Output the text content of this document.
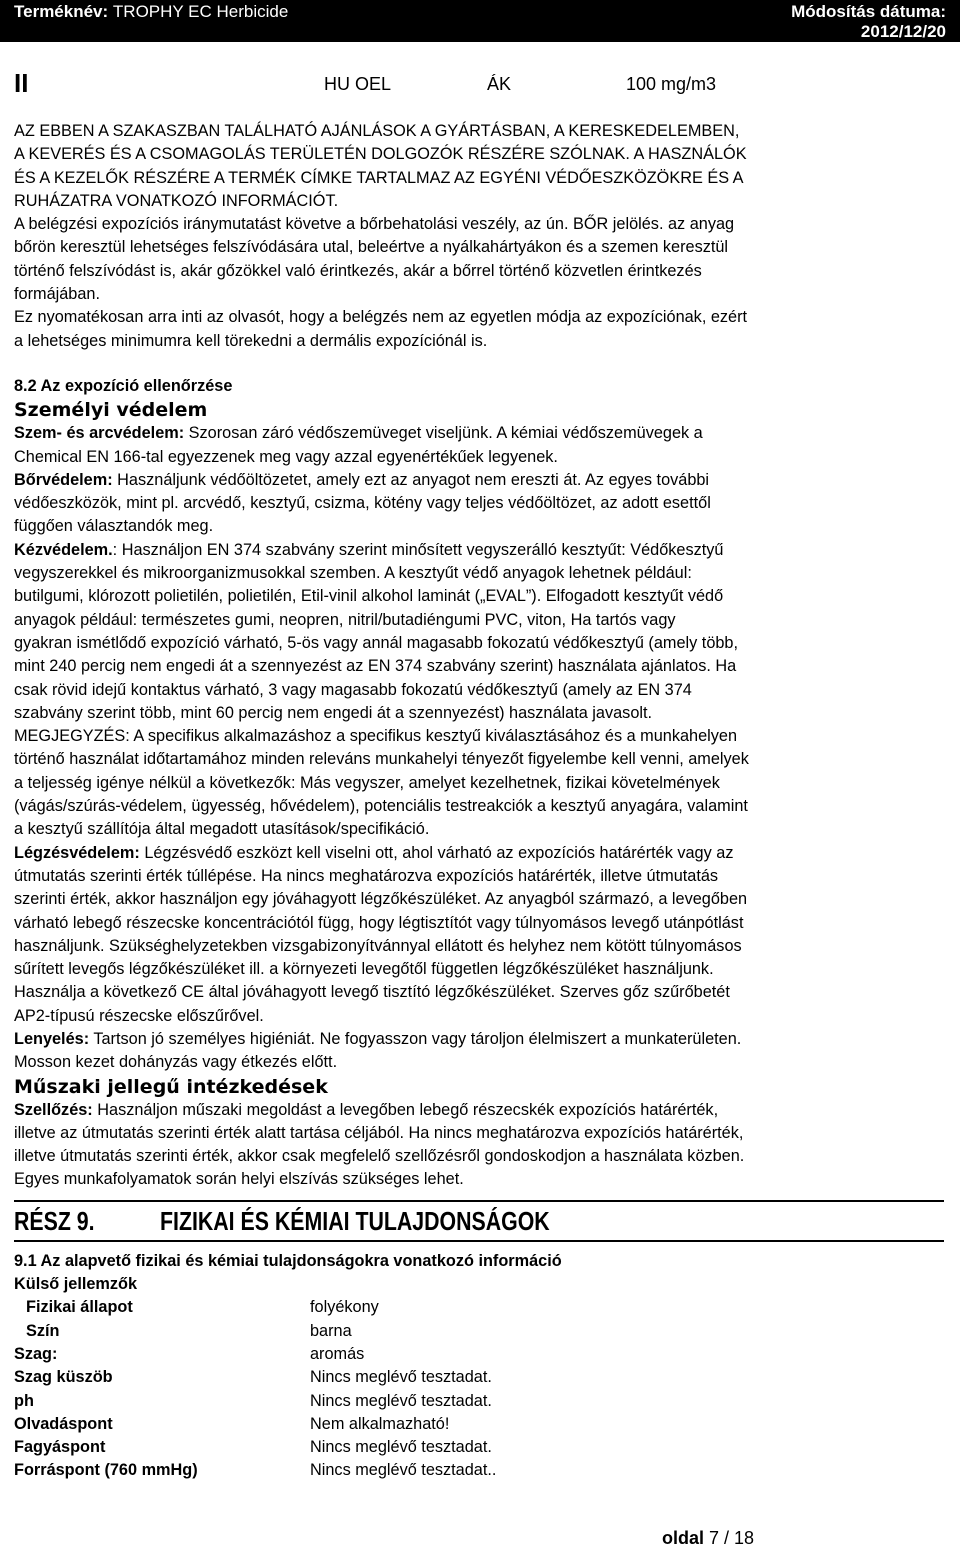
Terméknév: TROPHY EC Herbicide	Módosítás dátuma:
2012/12/20
II	HU OEL	ÁK	100 mg/m3

AZ EBBEN A SZAKASZBAN TALÁLHATÓ AJÁNLÁSOK A GYÁRTÁSBAN, A KERESKEDELEMBEN,

A KEVERÉS ÉS A CSOMAGOLÁS TERÜLETÉN DOLGOZÓK RÉSZÉRE SZÓLNAK. A HASZNÁLÓK

ÉS A KEZELŐK RÉSZÉRE A TERMÉK CÍMKE TARTALMAZ AZ EGYÉNI VÉDŐESZKÖZÖKRE ÉS A

RUHÁZATRA VONATKOZÓ INFORMÁCIÓT.

A belégzési expozíciós iránymutatást követve a bőrbehatolási veszély, az ún. BŐR jelölés. az anyag

bőrön keresztül lehetséges felszívódására utal, beleértve a nyálkahártyákon és a szemen keresztül

történő felszívódást is, akár gőzökkel való érintkezés, akár a bőrrel történő közvetlen érintkezés

formájában.

Ez nyomatékosan arra inti az olvasót, hogy a belégzés nem az egyetlen módja az expozíciónak, ezért

a lehetséges minimumra kell törekedni a dermális expozíciónál is.

8.2 Az expozíció ellenőrzése

Személyi védelem

Szem- és arcvédelem: Szorosan záró védőszemüveget viseljünk. A kémiai védőszemüvegek a

Chemical EN 166-tal egyezzenek meg vagy azzal egyenértékűek legyenek.

Bőrvédelem: Használjunk védőöltözetet, amely ezt az anyagot nem ereszti át. Az egyes további

védőeszközök, mint pl. arcvédő, kesztyű, csizma, kötény vagy teljes védőöltözet, az adott esettől

függően választandók meg.

Kézvédelem.: Használjon EN 374 szabvány szerint minősített vegyszerálló kesztyűt: Védőkesztyű

vegyszerekkel és mikroorganizmusokkal szemben. A kesztyűt védő anyagok lehetnek például:

butilgumi, klórozott polietilén, polietilén, Etil-vinil alkohol laminát („EVAL”). Elfogadott kesztyűt védő

anyagok például: természetes gumi, neopren, nitril/butadiéngumi PVC, viton, Ha tartós vagy

gyakran ismétlődő expozíció várható, 5-ös vagy annál magasabb fokozatú védőkesztyű (amely több,

mint 240 percig nem engedi át a szennyezést az EN 374 szabvány szerint) használata ajánlatos. Ha

csak rövid idejű kontaktus várható, 3 vagy magasabb fokozatú védőkesztyű (amely az EN 374

szabvány szerint több, mint 60 percig nem engedi át a szennyezést) használata javasolt.

MEGJEGYZÉS: A specifikus alkalmazáshoz a specifikus kesztyű kiválasztásához és a munkahelyen

történő használat időtartamához minden releváns munkahelyi tényezőt figyelembe kell venni, amelyek

a teljesség igénye nélkül a következők: Más vegyszer, amelyet kezelhetnek, fizikai követelmények

(vágás/szúrás-védelem, ügyesség, hővédelem), potenciális testreakciók a kesztyű anyagára, valamint

a kesztyű szállítója által megadott utasítások/specifikáció.

Légzésvédelem: Légzésvédő eszközt kell viselni ott, ahol várható az expozíciós határérték vagy az

útmutatás szerinti érték túllépése. Ha nincs meghatározva expozíciós határérték, illetve útmutatás

szerinti érték, akkor használjon egy jóváhagyott légzőkészüléket. Az anyagból származó, a levegőben

várható lebegő részecske koncentrációtól függ, hogy légtisztítót vagy túlnyomásos levegő utánpótlást

használjunk. Szükséghelyzetekben vizsgabizonyítvánnyal ellátott és helyhez nem kötött túlnyomásos

sűrített levegős légzőkészüléket ill. a környezeti levegőtől független légzőkészüléket használjunk.

Használja a következő CE által jóváhagyott levegő tisztító légzőkészüléket. Szerves gőz szűrőbetét

AP2-típusú részecske előszűrővel.

Lenyelés: Tartson jó személyes higiéniát. Ne fogyasszon vagy tároljon élelmiszert a munkaterületen.

Mosson kezet dohányzás vagy étkezés előtt.

Műszaki jellegű intézkedések

Szellőzés: Használjon műszaki megoldást a levegőben lebegő részecskék expozíciós határérték,

illetve az útmutatás szerinti érték alatt tartása céljából. Ha nincs meghatározva expozíciós határérték,

illetve útmutatás szerinti érték, akkor csak megfelelő szellőzésről gondoskodjon a használata közben.

Egyes munkafolyamatok során helyi elszívás szükséges lehet.

RÉSZ 9.	FIZIKAI ÉS KÉMIAI TULAJDONSÁGOK

9.1 Az alapvető fizikai és kémiai tulajdonságokra vonatkozó információ

Külső jellemzők

Fizikai állapot	folyékony
Szín	barna
Szag:	aromás
Szag küszöb	Nincs meglévő tesztadat.
ph	Nincs meglévő tesztadat.
Olvadáspont	Nem alkalmazható!
Fagyáspont	Nincs meglévő tesztadat.
Forráspont (760 mmHg)	Nincs meglévő tesztadat..
oldal 7 / 18
